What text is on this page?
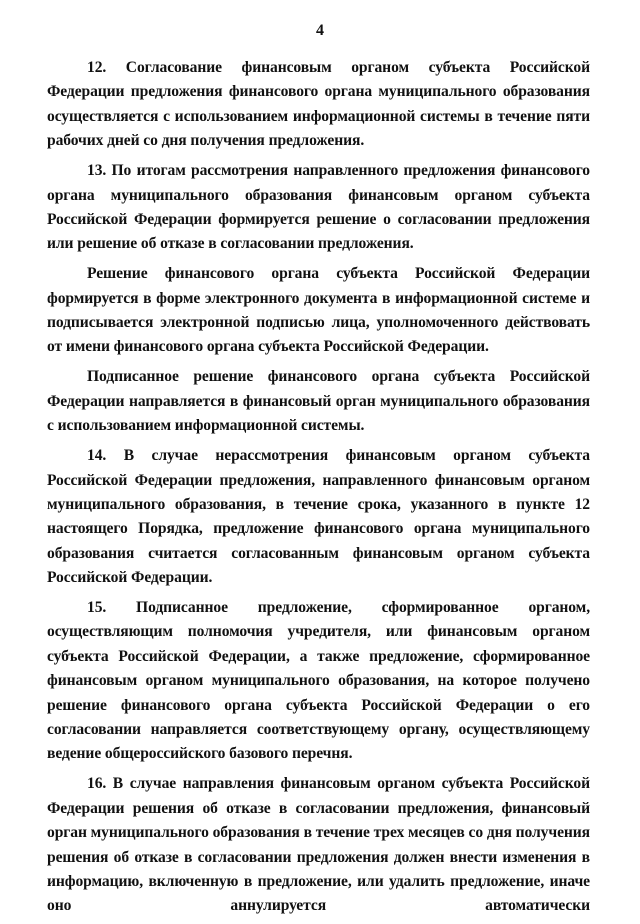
4

12. Согласование финансовым органом субъекта Российской Федерации предложения финансового органа муниципального образования осуществляется с использованием информационной системы в течение пяти рабочих дней со дня получения предложения.

13. По итогам рассмотрения направленного предложения финансового органа муниципального образования финансовым органом субъекта Российской Федерации формируется решение о согласовании предложения или решение об отказе в согласовании предложения.

Решение финансового органа субъекта Российской Федерации формируется в форме электронного документа в информационной системе и подписывается электронной подписью лица, уполномоченного действовать от имени финансового органа субъекта Российской Федерации.

Подписанное решение финансового органа субъекта Российской Федерации направляется в финансовый орган муниципального образования с использованием информационной системы.

14. В случае нерассмотрения финансовым органом субъекта Российской Федерации предложения, направленного финансовым органом муниципального образования, в течение срока, указанного в пункте 12 настоящего Порядка, предложение финансового органа муниципального образования считается согласованным финансовым органом субъекта Российской Федерации.

15. Подписанное предложение, сформированное органом, осуществляющим полномочия учредителя, или финансовым органом субъекта Российской Федерации, а также предложение, сформированное финансовым органом муниципального образования, на которое получено решение финансового органа субъекта Российской Федерации о его согласовании направляется соответствующему органу, осуществляющему ведение общероссийского базового перечня.

16. В случае направления финансовым органом субъекта Российской Федерации решения об отказе в согласовании предложения, финансовый орган муниципального образования в течение трех месяцев со дня получения решения об отказе в согласовании предложения должен внести изменения в информацию, включенную в предложение, или удалить предложение, иначе оно аннулируется автоматически
